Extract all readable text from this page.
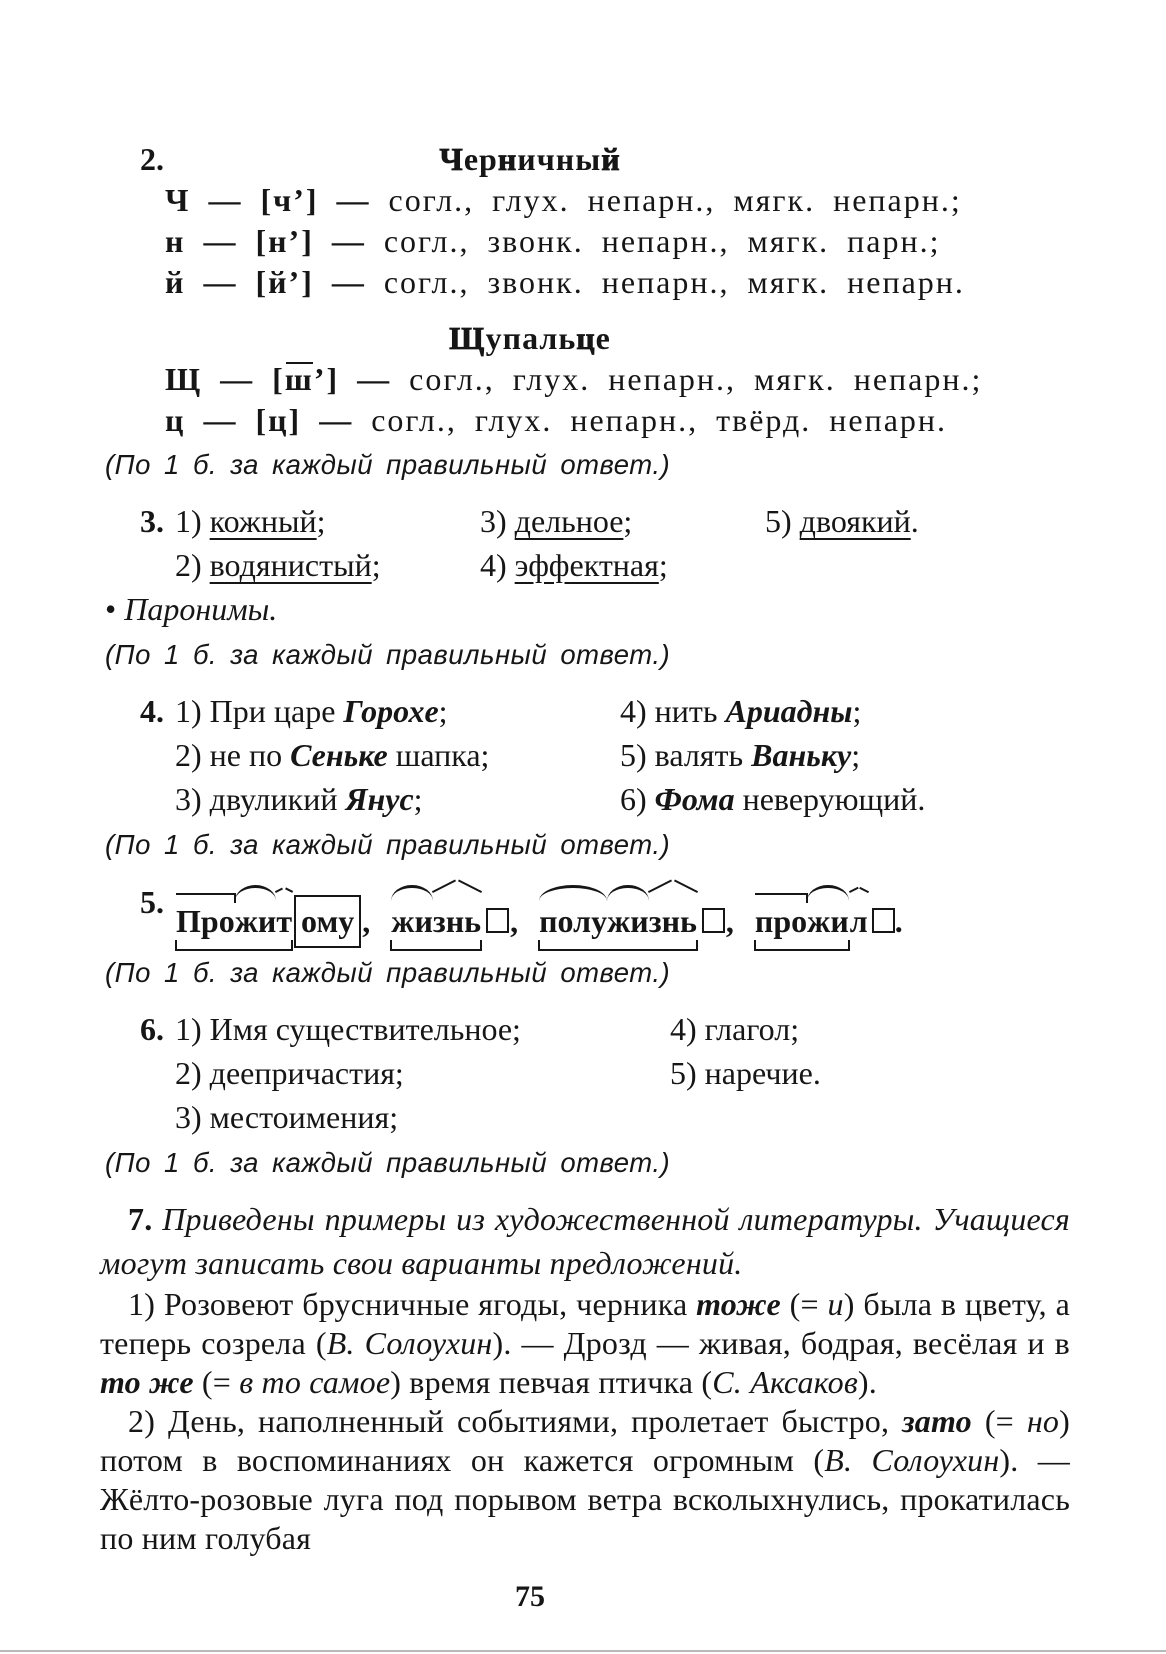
2.	Черничный
Ч — [ч’] — согл., глух. непарн., мягк. непарн.;
н — [н’] — согл., звонк. непарн., мягк. парн.;
й — [й’] — согл., звонк. непарн., мягк. непарн.
Щупальце
Щ — [ш’] — согл., глух. непарн., мягк. непарн.;
ц — [ц] — согл., глух. непарн., твёрд. непарн.
(По 1 б. за каждый правильный ответ.)
3. 1) кожный;	3) дельное;	5) двоякий.
2) водянистый;	4) эффектная;
• Паронимы.
(По 1 б. за каждый правильный ответ.)
4. 1) При царе Горохе;	4) нить Ариадны;
2) не по Сеньке шапка;	5) валять Ваньку;
3) двуликий Янус;	6) Фома неверующий.
(По 1 б. за каждый правильный ответ.)
5.
Прожит ому , жизнь , полужизнь , прожил .
(По 1 б. за каждый правильный ответ.)
6. 1) Имя существительное;	4) глагол;
2) деепричастия;	5) наречие.
3) местоимения;
(По 1 б. за каждый правильный ответ.)

7. Приведены примеры из художественной литературы. Учащиеся могут записать свои варианты предложений.

1) Розовеют брусничные ягоды, черника тоже (= и) была в цвету, а теперь созрела (В. Солоухин). — Дрозд — живая, бодрая, весёлая и в то же (= в то самое) время певчая птичка (С. Аксаков).

2) День, наполненный событиями, пролетает быстро, зато (= но) потом в воспоминаниях он кажется огромным (В. Солоухин). — Жёлто-розовые луга под порывом ветра всколыхнулись, прокатилась по ним голубая

75
